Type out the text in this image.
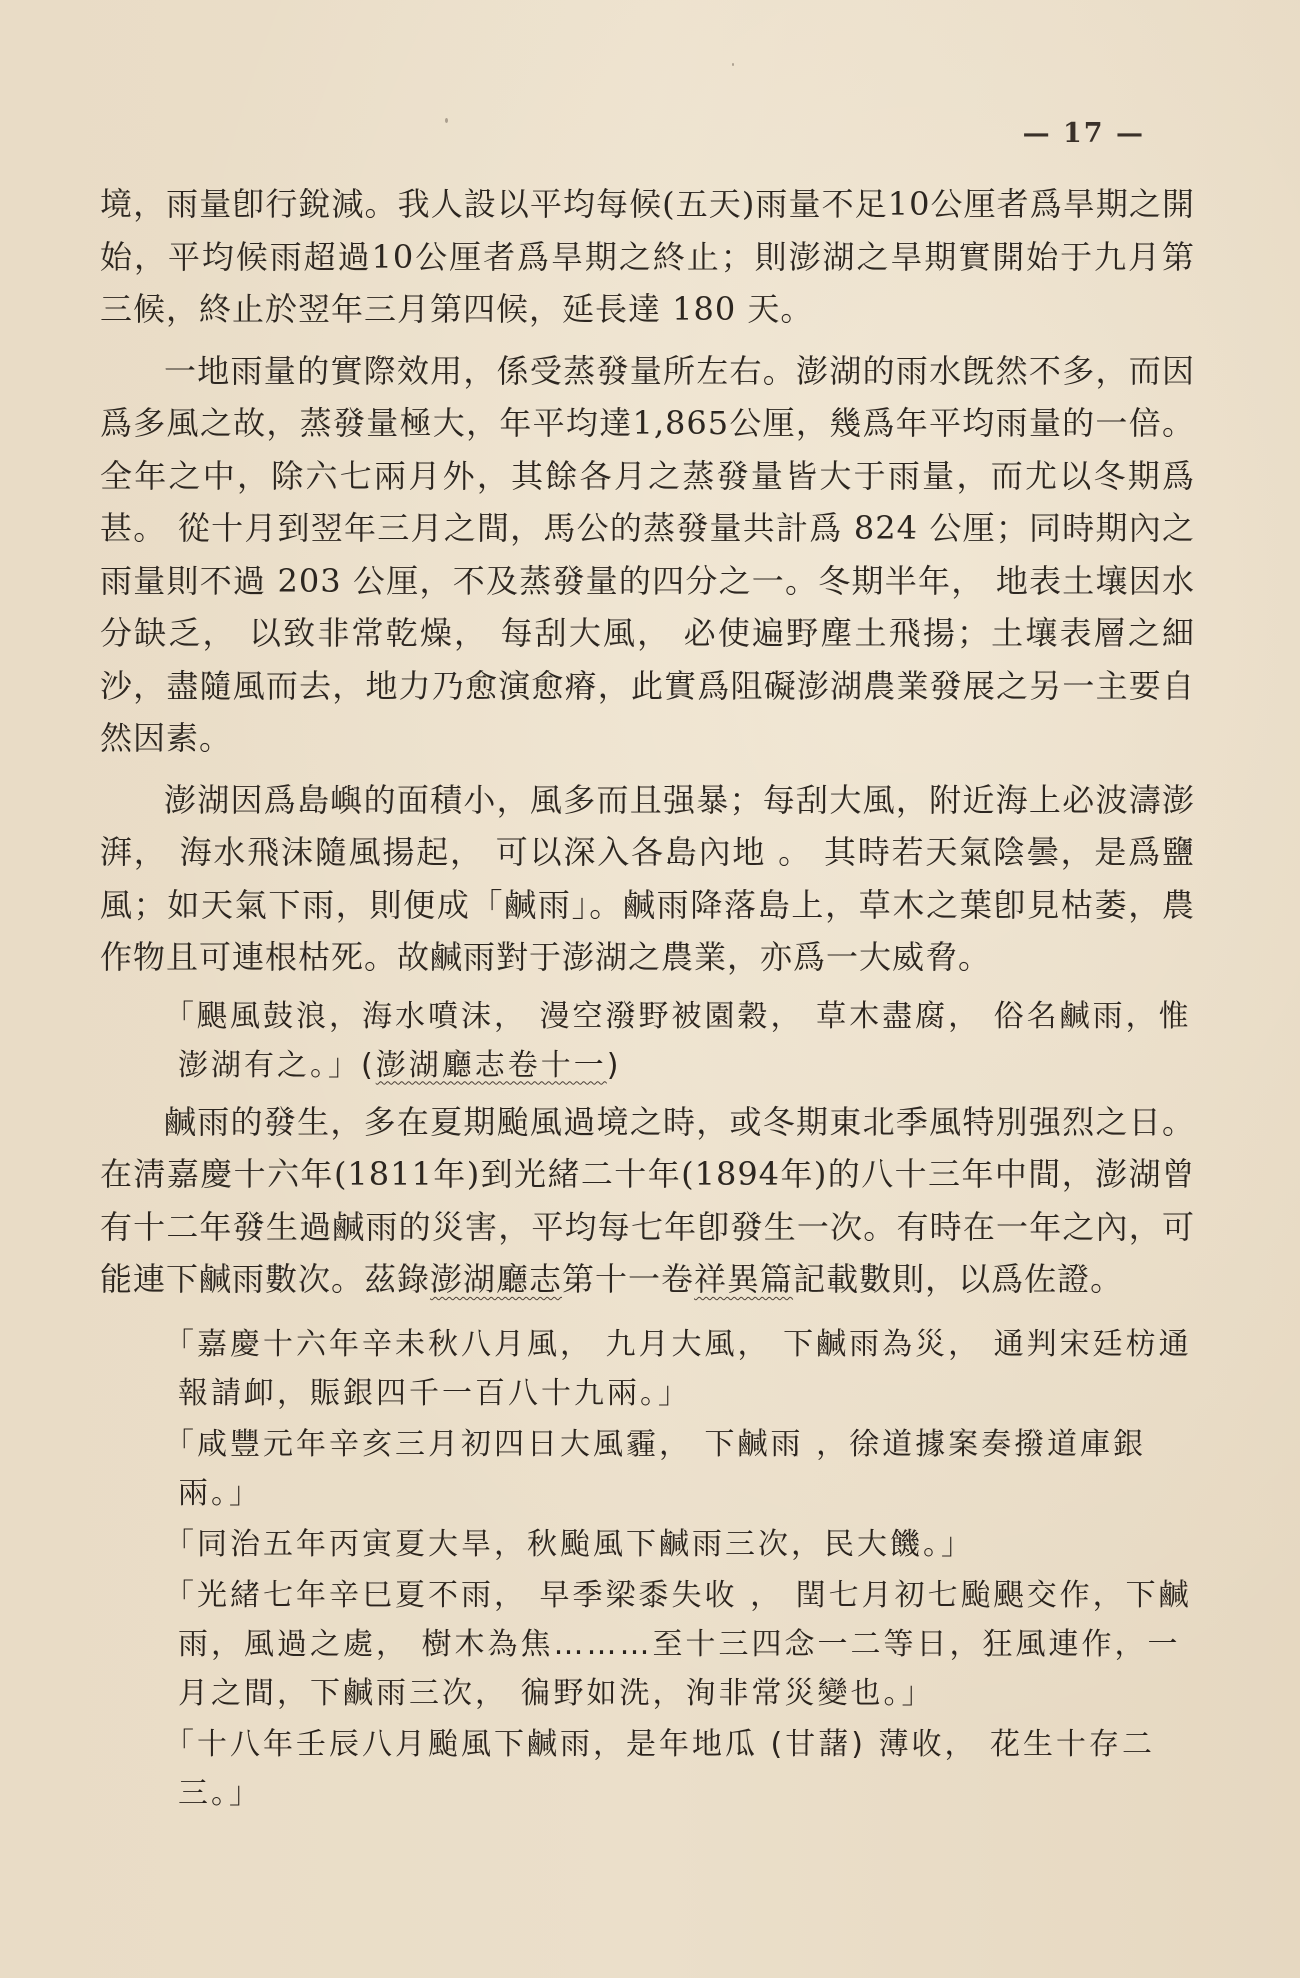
— 17 —

境，雨量卽行銳減。我人設以平均每候(五天)雨量不足10公厘者爲旱期之開始，平均候雨超過10公厘者爲旱期之終止；則澎湖之旱期實開始于九月第三候，終止於翌年三月第四候，延長達 180 天。

一地雨量的實際效用，係受蒸發量所左右。澎湖的雨水旣然不多，而因爲多風之故，蒸發量極大，年平均達1,865公厘，幾爲年平均雨量的一倍。全年之中，除六七兩月外，其餘各月之蒸發量皆大于雨量，而尤以冬期爲甚。 從十月到翌年三月之間，馬公的蒸發量共計爲 824 公厘；同時期內之雨量則不過 203 公厘，不及蒸發量的四分之一。冬期半年， 地表土壤因水分缺乏， 以致非常乾燥， 每刮大風， 必使遍野塵土飛揚；土壤表層之細沙，盡隨風而去，地力乃愈演愈瘠，此實爲阻礙澎湖農業發展之另一主要自然因素。

澎湖因爲島嶼的面積小，風多而且强暴；每刮大風，附近海上必波濤澎湃， 海水飛沫隨風揚起， 可以深入各島內地 。 其時若天氣陰曇，是爲鹽風；如天氣下雨，則便成「鹹雨」。鹹雨降落島上，草木之葉卽見枯萎，農作物且可連根枯死。故鹹雨對于澎湖之農業，亦爲一大威脅。

「颶風鼓浪，海水噴沫， 漫空潑野被園穀， 草木盡腐， 俗名鹹雨，惟澎湖有之。」(澎湖廳志卷十一)

鹹雨的發生，多在夏期颱風過境之時，或冬期東北季風特別强烈之日。在淸嘉慶十六年(1811年)到光緒二十年(1894年)的八十三年中間，澎湖曾有十二年發生過鹹雨的災害，平均每七年卽發生一次。有時在一年之內，可能連下鹹雨數次。茲錄澎湖廳志第十一卷祥異篇記載數則，以爲佐證。

「嘉慶十六年辛未秋八月風， 九月大風， 下鹹雨為災， 通判宋廷枋通報請卹，賑銀四千一百八十九兩。」
「咸豐元年辛亥三月初四日大風霾， 下鹹雨 ，徐道據案奏撥道庫銀兩。」
「同治五年丙寅夏大旱，秋颱風下鹹雨三次，民大饑。」
「光緒七年辛巳夏不雨， 早季梁黍失收 ， 閏七月初七颱颶交作，下鹹雨，風過之處， 樹木為焦………至十三四念一二等日，狂風連作，一月之間，下鹹雨三次， 徧野如洗，洵非常災變也。」
「十八年壬辰八月颱風下鹹雨，是年地瓜 (甘藷) 薄收， 花生十存二三。」
